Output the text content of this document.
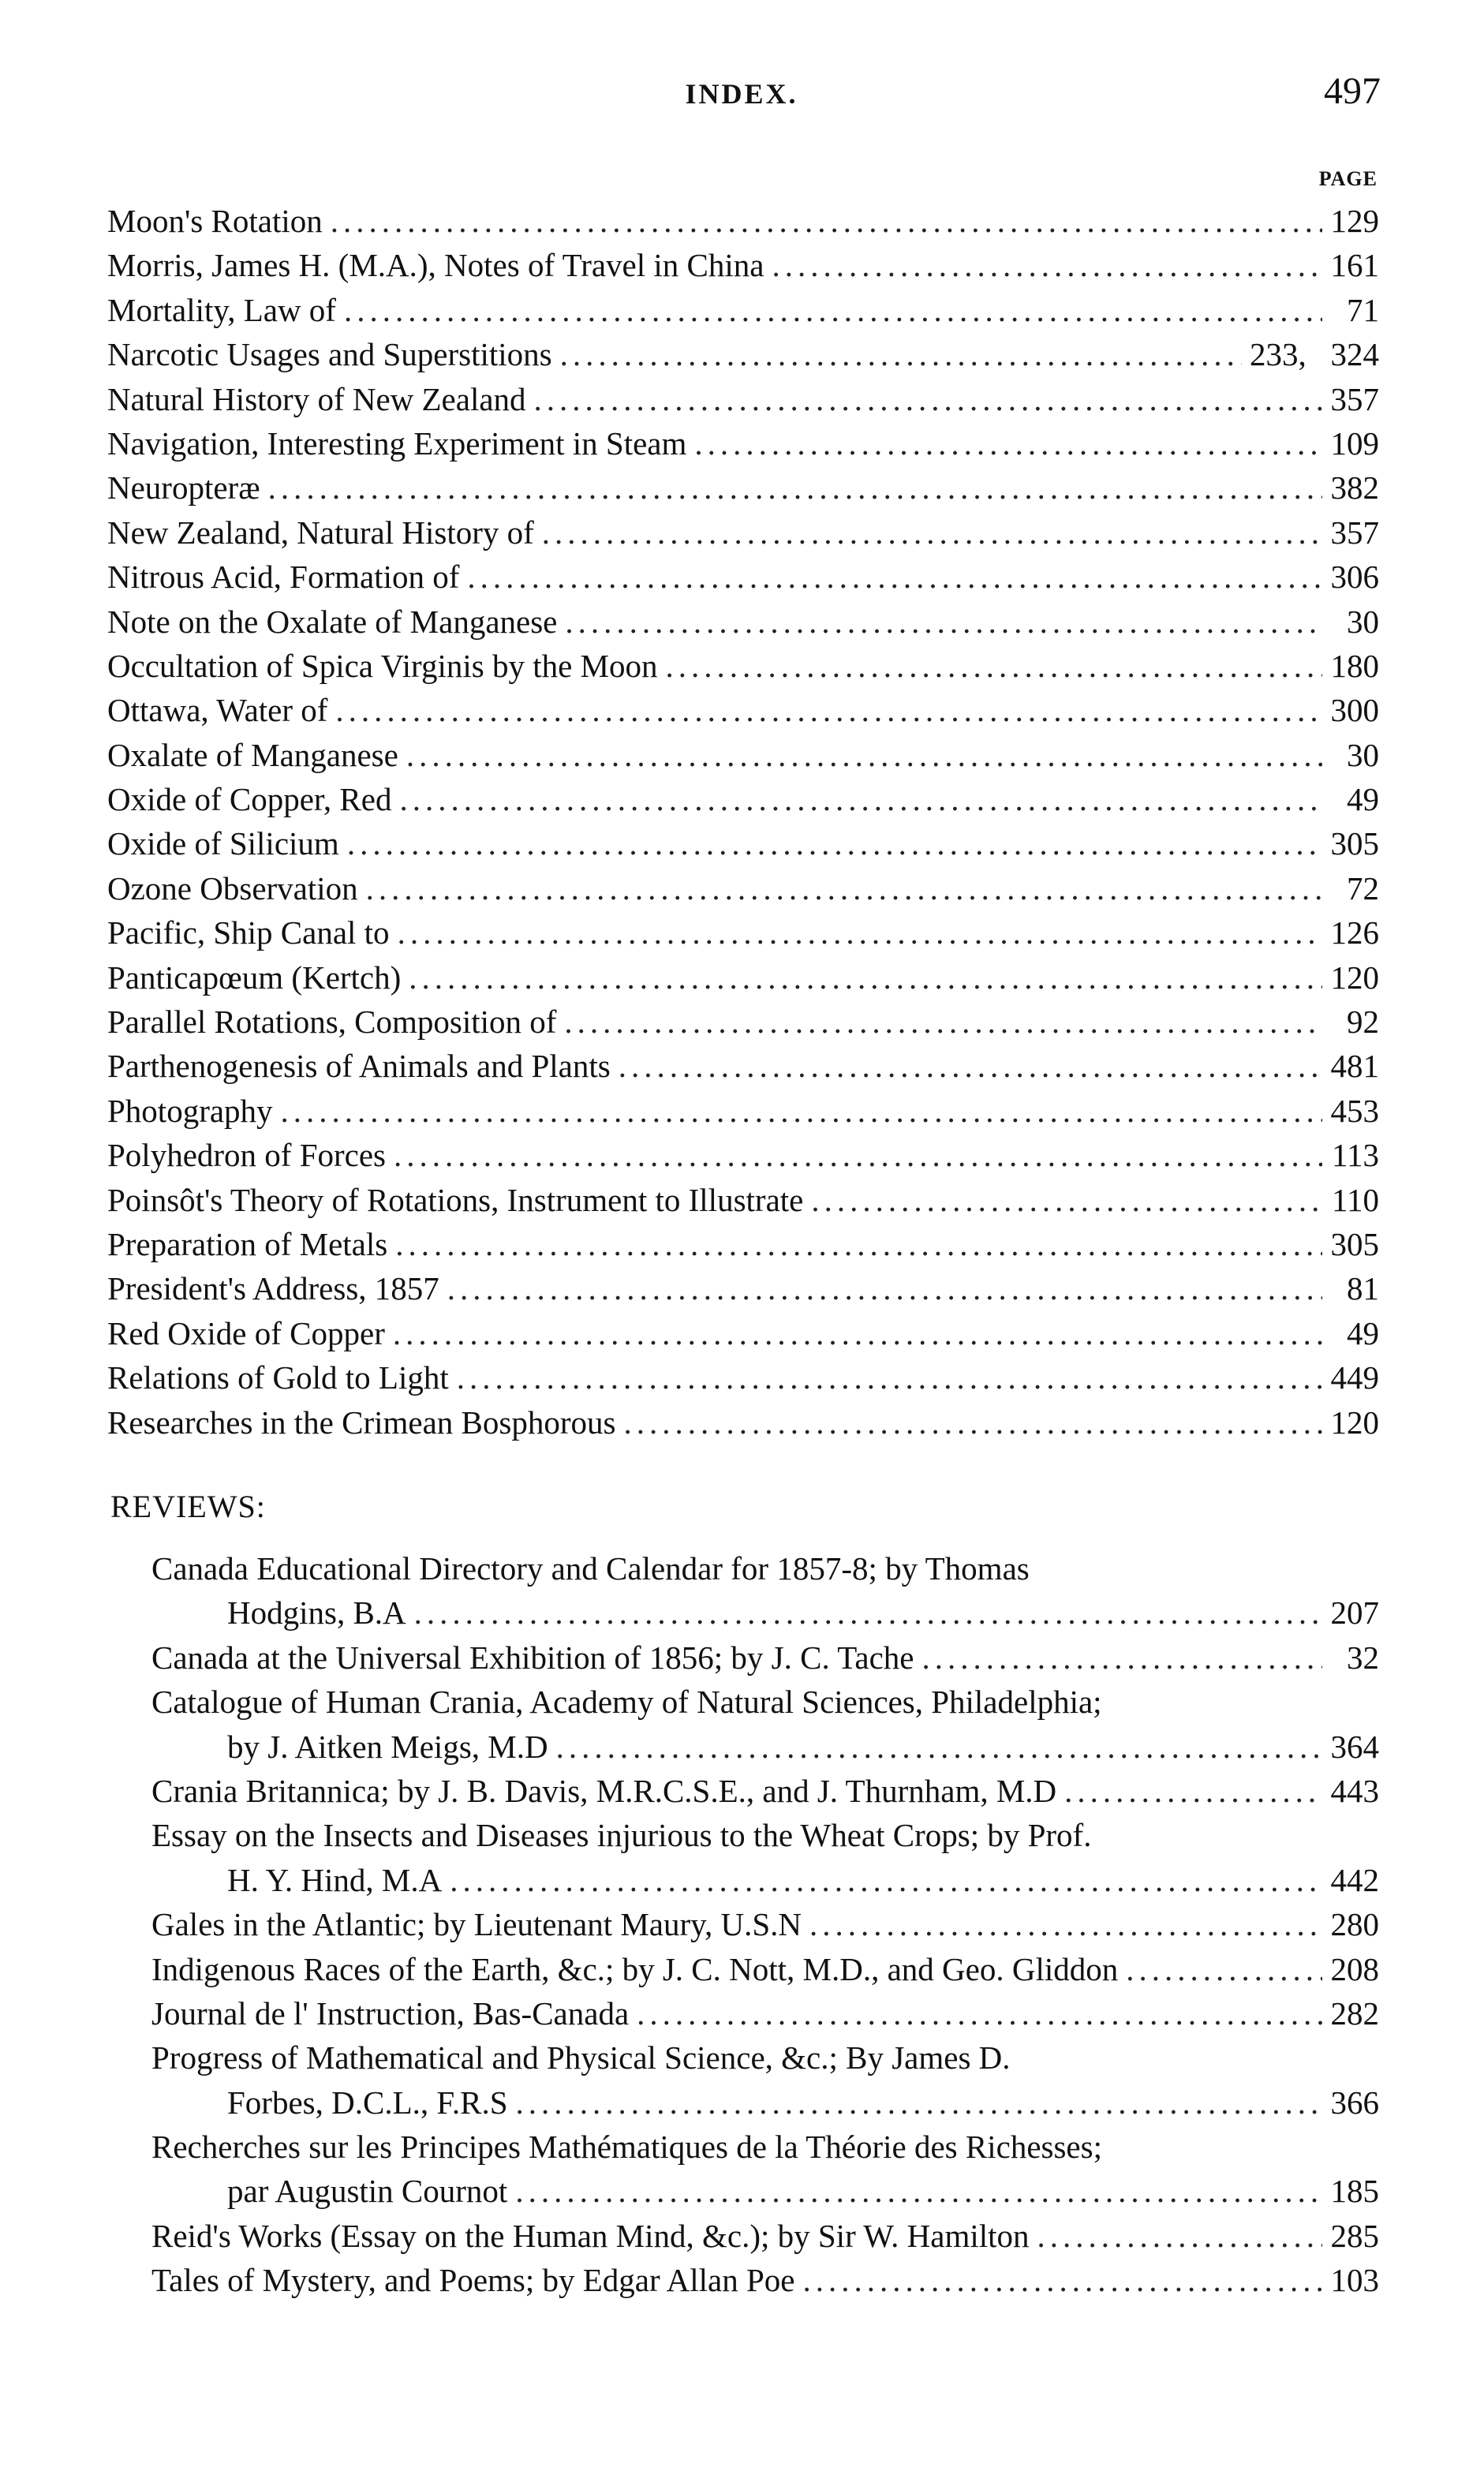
INDEX.	497
PAGE
Moon's Rotation .....	129
Morris, James H. (M.A.), Notes of Travel in China .....	161
Mortality, Law of .....	71
Narcotic Usages and Superstitions .....	233,   324
Natural History of New Zealand .....	357
Navigation, Interesting Experiment in Steam .....	109
Neuropteræ .....	382
New Zealand, Natural History of .....	357
Nitrous Acid, Formation of .....	306
Note on the Oxalate of Manganese .....	30
Occultation of Spica Virginis by the Moon .....	180
Ottawa, Water of .....	300
Oxalate of Manganese .....	30
Oxide of Copper, Red .....	49
Oxide of Silicium .....	305
Ozone Observation .....	72
Pacific, Ship Canal to .....	126
Panticapœum (Kertch) .....	120
Parallel Rotations, Composition of .....	92
Parthenogenesis of Animals and Plants .....	481
Photography .....	453
Polyhedron of Forces .....	113
Poinsôt's Theory of Rotations, Instrument to Illustrate .....	110
Preparation of Metals .....	305
President's Address, 1857 .....	81
Red Oxide of Copper .....	49
Relations of Gold to Light .....	449
Researches in the Crimean Bosphorous .....	120
REVIEWS:
Canada Educational Directory and Calendar for 1857-8; by Thomas
Hodgins, B.A .....	207
Canada at the Universal Exhibition of 1856; by J. C. Tache .....	32
Catalogue of Human Crania, Academy of Natural Sciences, Philadelphia;
by J. Aitken Meigs, M.D .....	364
Crania Britannica; by J. B. Davis, M.R.C.S.E., and J. Thurnham, M.D .....	443
Essay on the Insects and Diseases injurious to the Wheat Crops; by Prof.
H. Y. Hind, M.A .....	442
Gales in the Atlantic; by Lieutenant Maury, U.S.N .....	280
Indigenous Races of the Earth, &c.; by J. C. Nott, M.D., and Geo. Gliddon .....	208
Journal de l' Instruction, Bas-Canada .....	282
Progress of Mathematical and Physical Science, &c.; By James D.
Forbes, D.C.L., F.R.S .....	366
Recherches sur les Principes Mathématiques de la Théorie des Richesses;
par Augustin Cournot .....	185
Reid's Works (Essay on the Human Mind, &c.); by Sir W. Hamilton .....	285
Tales of Mystery, and Poems; by Edgar Allan Poe .....	103
